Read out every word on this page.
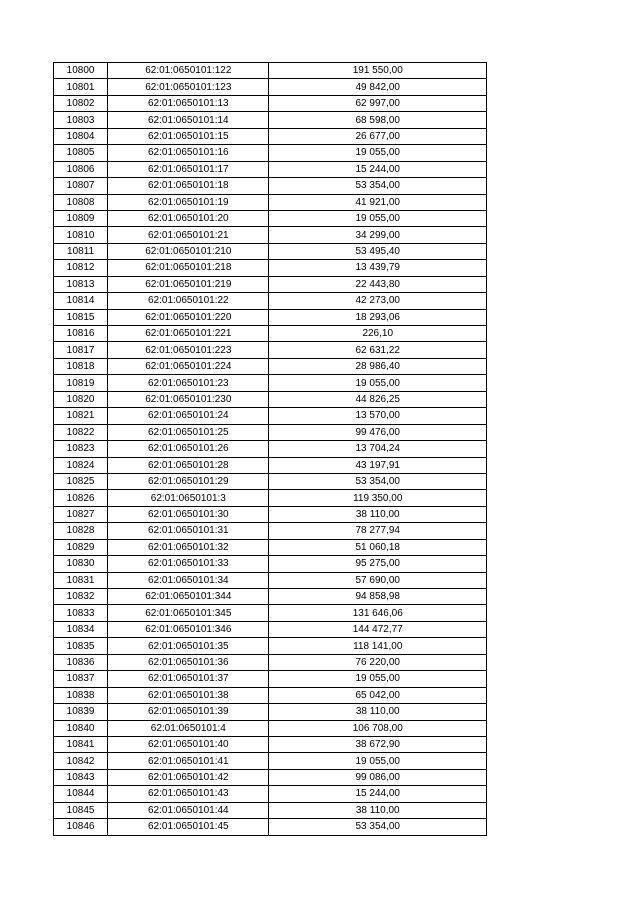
10800	62:01:0650101:122	191 550,00
10801	62:01:0650101:123	49 842,00
10802	62:01:0650101:13	62 997,00
10803	62:01:0650101:14	68 598,00
10804	62:01:0650101:15	26 677,00
10805	62:01:0650101:16	19 055,00
10806	62:01:0650101:17	15 244,00
10807	62:01:0650101:18	53 354,00
10808	62:01:0650101:19	41 921,00
10809	62:01:0650101:20	19 055,00
10810	62:01:0650101:21	34 299,00
10811	62:01:0650101:210	53 495,40
10812	62:01:0650101:218	13 439,79
10813	62:01:0650101:219	22 443,80
10814	62:01:0650101:22	42 273,00
10815	62:01:0650101:220	18 293,06
10816	62:01:0650101:221	226,10
10817	62:01:0650101:223	62 631,22
10818	62:01:0650101:224	28 986,40
10819	62:01:0650101:23	19 055,00
10820	62:01:0650101:230	44 826,25
10821	62:01:0650101:24	13 570,00
10822	62:01:0650101:25	99 476,00
10823	62:01:0650101:26	13 704,24
10824	62:01:0650101:28	43 197,91
10825	62:01:0650101:29	53 354,00
10826	62:01:0650101:3	119 350,00
10827	62:01:0650101:30	38 110,00
10828	62:01:0650101:31	78 277,94
10829	62:01:0650101:32	51 060,18
10830	62:01:0650101:33	95 275,00
10831	62:01:0650101:34	57 690,00
10832	62:01:0650101:344	94 858,98
10833	62:01:0650101:345	131 646,06
10834	62:01:0650101:346	144 472,77
10835	62:01:0650101:35	118 141,00
10836	62:01:0650101:36	76 220,00
10837	62:01:0650101:37	19 055,00
10838	62:01:0650101:38	65 042,00
10839	62:01:0650101:39	38 110,00
10840	62:01:0650101:4	106 708,00
10841	62:01:0650101:40	38 672,90
10842	62:01:0650101:41	19 055,00
10843	62:01:0650101:42	99 086,00
10844	62:01:0650101:43	15 244,00
10845	62:01:0650101:44	38 110,00
10846	62:01:0650101:45	53 354,00
